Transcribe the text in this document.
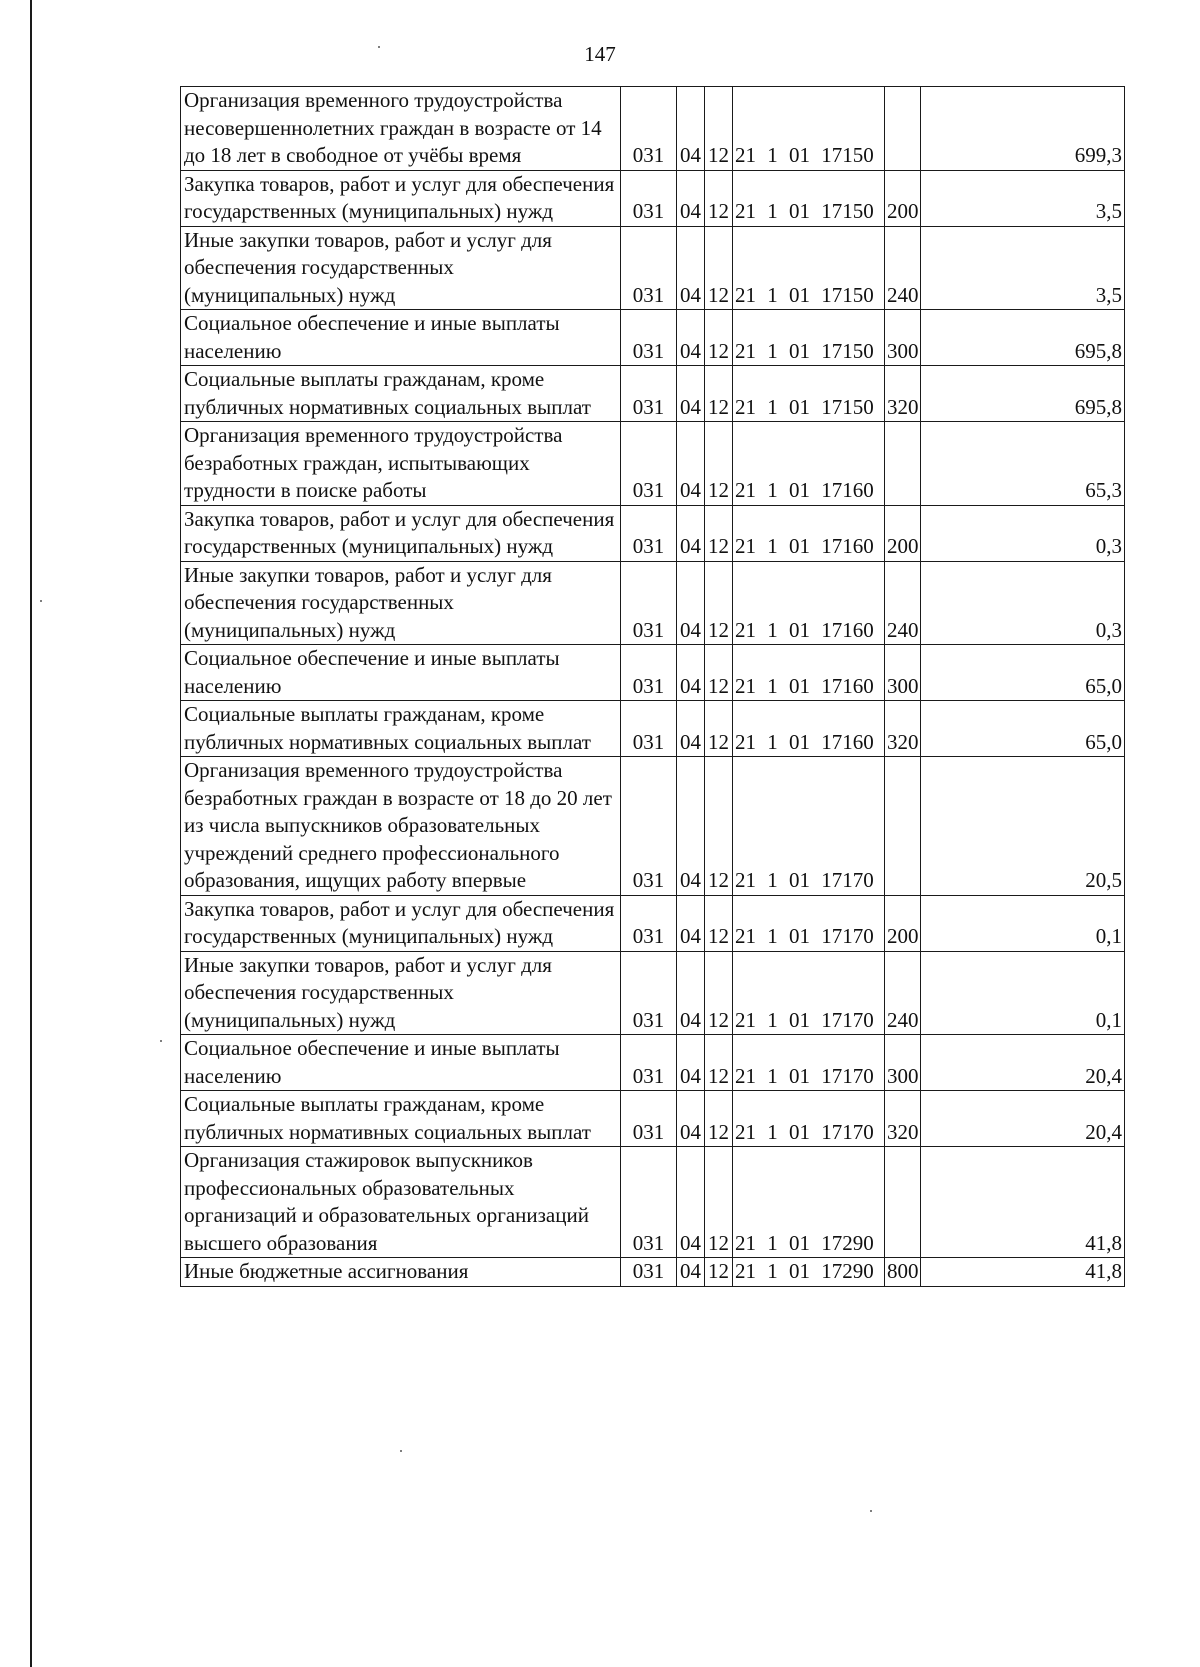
147
Организация временного трудоустройства несовершеннолетних граждан в возрасте от 14 до 18 лет в свободное от учёбы время	031	04	12	21 1 01 17150		699,3
Закупка товаров, работ и услуг для обеспечения государственных (муниципальных) нужд	031	04	12	21 1 01 17150	200	3,5
Иные закупки товаров, работ и услуг для обеспечения государственных (муниципальных) нужд	031	04	12	21 1 01 17150	240	3,5
Социальное обеспечение и иные выплаты населению	031	04	12	21 1 01 17150	300	695,8
Социальные выплаты гражданам, кроме публичных нормативных социальных выплат	031	04	12	21 1 01 17150	320	695,8
Организация временного трудоустройства безработных граждан, испытывающих трудности в поиске работы	031	04	12	21 1 01 17160		65,3
Закупка товаров, работ и услуг для обеспечения государственных (муниципальных) нужд	031	04	12	21 1 01 17160	200	0,3
Иные закупки товаров, работ и услуг для обеспечения государственных (муниципальных) нужд	031	04	12	21 1 01 17160	240	0,3
Социальное обеспечение и иные выплаты населению	031	04	12	21 1 01 17160	300	65,0
Социальные выплаты гражданам, кроме публичных нормативных социальных выплат	031	04	12	21 1 01 17160	320	65,0
Организация временного трудоустройства безработных граждан в возрасте от 18 до 20 лет из числа выпускников образовательных учреждений среднего профессионального образования, ищущих работу впервые	031	04	12	21 1 01 17170		20,5
Закупка товаров, работ и услуг для обеспечения государственных (муниципальных) нужд	031	04	12	21 1 01 17170	200	0,1
Иные закупки товаров, работ и услуг для обеспечения государственных (муниципальных) нужд	031	04	12	21 1 01 17170	240	0,1
Социальное обеспечение и иные выплаты населению	031	04	12	21 1 01 17170	300	20,4
Социальные выплаты гражданам, кроме публичных нормативных социальных выплат	031	04	12	21 1 01 17170	320	20,4
Организация стажировок выпускников профессиональных образовательных организаций и образовательных организаций высшего образования	031	04	12	21 1 01 17290		41,8
Иные бюджетные ассигнования	031	04	12	21 1 01 17290	800	41,8
